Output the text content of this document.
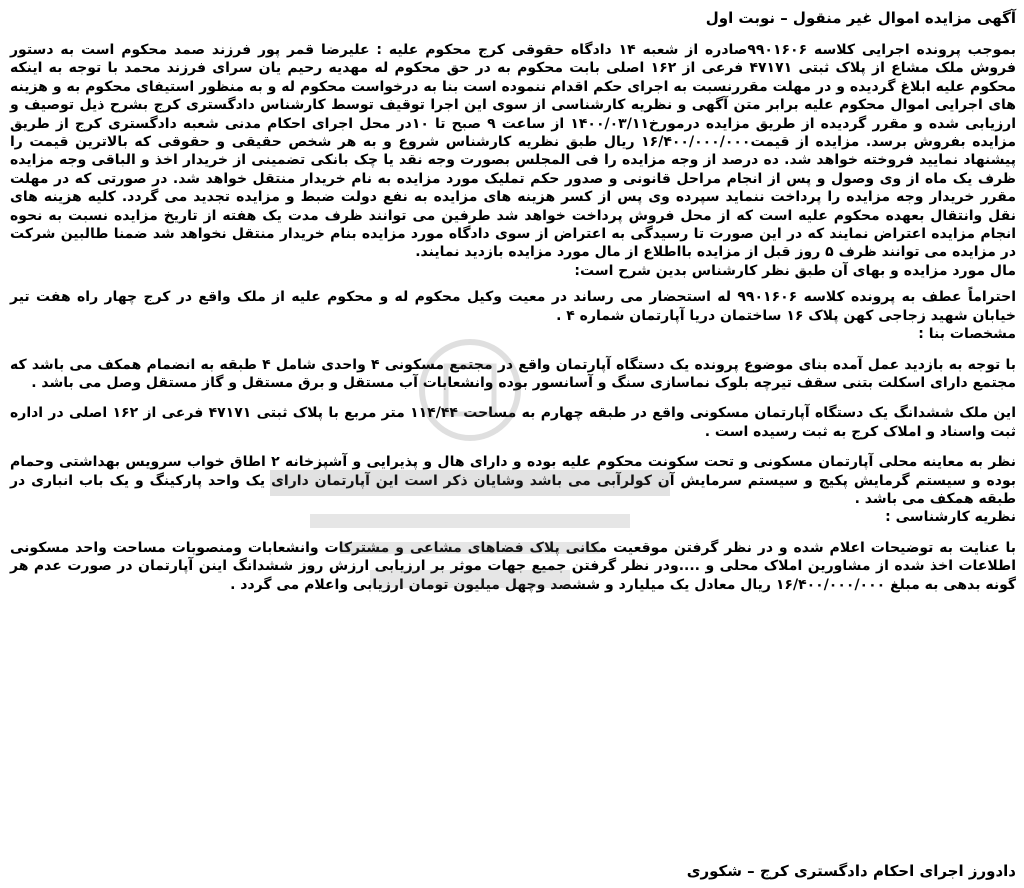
آگهی مزایده اموال غیر منقول – نوبت اول

بموجب پرونده اجرایی کلاسه ۹۹۰۱۶۰۶صادره از شعبه ۱۴ دادگاه حقوقی کرج محکوم علیه : علیرضا قمر پور فرزند صمد محکوم است به دستور فروش ملک مشاع از پلاک ثبتی ۴۷۱۷۱ فرعی از ۱۶۲ اصلی بابت محکوم به در حق محکوم له مهدیه رحیم یان سرای فرزند محمد با توجه به اینکه محکوم علیه ابلاغ گردیده و در مهلت مقررنسبت به اجرای حکم اقدام ننموده است بنا به درخواست محکوم له و به منظور استیفای محکوم به و هزینه های اجرایی اموال محکوم علیه برابر متن آگهی و نظریه کارشناسی از سوی این اجرا توقیف توسط کارشناس دادگستری کرج بشرح ذیل توصیف و ارزیابی شده و مقرر گردیده از طریق مزایده درمورخ۱۴۰۰/۰۳/۱۱ از ساعت ۹ صبح تا ۱۰در محل اجرای احکام مدنی شعبه دادگستری کرج از طریق مزایده بفروش برسد. مزایده از قیمت۱۶/۴۰۰/۰۰۰/۰۰۰ ریال طبق نظریه کارشناس شروع و به هر شخص حقیقی و حقوقی که بالاترین قیمت را پیشنهاد نمایید فروخته خواهد شد. ده درصد از وجه مزایده را فی المجلس بصورت وجه نقد یا چک بانکی تضمینی از خریدار اخذ و الباقی وجه مزایده ظرف یک ماه از وی وصول و پس از انجام مراحل قانونی و صدور حکم تملیک مورد مزایده به نام خریدار منتقل خواهد شد. در صورتی که در مهلت مقرر خریدار وجه مزایده را پرداخت ننماید سپرده وی پس از کسر هزینه های مزایده به نفع دولت ضبط و مزایده تجدید می گردد. کلیه هزینه های نقل وانتقال بعهده محکوم علیه است که از محل فروش پرداخت خواهد شد طرفین می توانند ظرف مدت یک هفته از تاریخ مزایده نسبت به نحوه انجام مزایده اعتراض نمایند که در این صورت تا رسیدگی به اعتراض از سوی دادگاه مورد مزایده بنام خریدار منتقل نخواهد شد ضمنا طالبین شرکت در مزایده می توانند ظرف ۵ روز قبل از مزایده بااطلاع از مال مورد مزایده بازدید نمایند.

مال مورد مزایده و بهای آن طبق نظر کارشناس بدین شرح است:

احتراماً عطف به پرونده کلاسه ۹۹۰۱۶۰۶ له استحضار می رساند در معیت وکیل محکوم له و محکوم علیه از ملک واقع در کرج چهار راه هفت تیر خیابان شهید زجاجی کهن پلاک ۱۶ ساختمان دریا آپارتمان شماره ۴ .

مشخصات بنا :

با توجه به بازدید عمل آمده بنای موضوع پرونده یک دستگاه آپارتمان واقع در مجتمع مسکونی ۴ واحدی شامل ۴ طبقه به انضمام همکف می باشد که مجتمع دارای اسکلت بتنی سقف تیرچه بلوک نماسازی سنگ و آسانسور بوده وانشعابات آب مستقل و برق مستقل و گاز مستقل وصل می باشد .

این ملک ششدانگ یک دستگاه آپارتمان مسکونی واقع در طبقه چهارم به مساحت ۱۱۴/۴۴ متر مربع با پلاک ثبتی ۴۷۱۷۱ فرعی از ۱۶۲ اصلی در اداره ثبت واسناد و املاک کرج به ثبت رسیده است .

نظر به معاینه محلی آپارتمان مسکونی و تحت سکونت محکوم علیه بوده و دارای هال و پذیرایی و آشپزخانه ۲ اطاق خواب سرویس بهداشتی وحمام بوده و سیستم گرمایش پکیج و سیستم سرمایش آن کولرآبی می باشد وشایان ذکر است این آپارتمان دارای یک واحد پارکینگ و یک باب انباری در طبقه همکف می باشد .

نظریه کارشناسی :

با عنایت به توضیحات اعلام شده و در نظر گرفتن موقعیت مکانی پلاک فضاهای مشاعی و مشترکات وانشعابات ومنصوبات مساحت واحد مسکونی اطلاعات اخذ شده از مشاورین املاک محلی و ....ودر نظر گرفتن جمیع جهات موثر بر ارزیابی ارزش روز ششدانگ اینن آپارتمان در صورت عدم هر گونه بدهی به مبلغ ۱۶/۴۰۰/۰۰۰/۰۰۰ ریال معادل یک میلیارد و ششصد وچهل میلیون تومان ارزیابی واعلام می گردد .

دادورز اجرای احکام دادگستری کرج – شکوری
